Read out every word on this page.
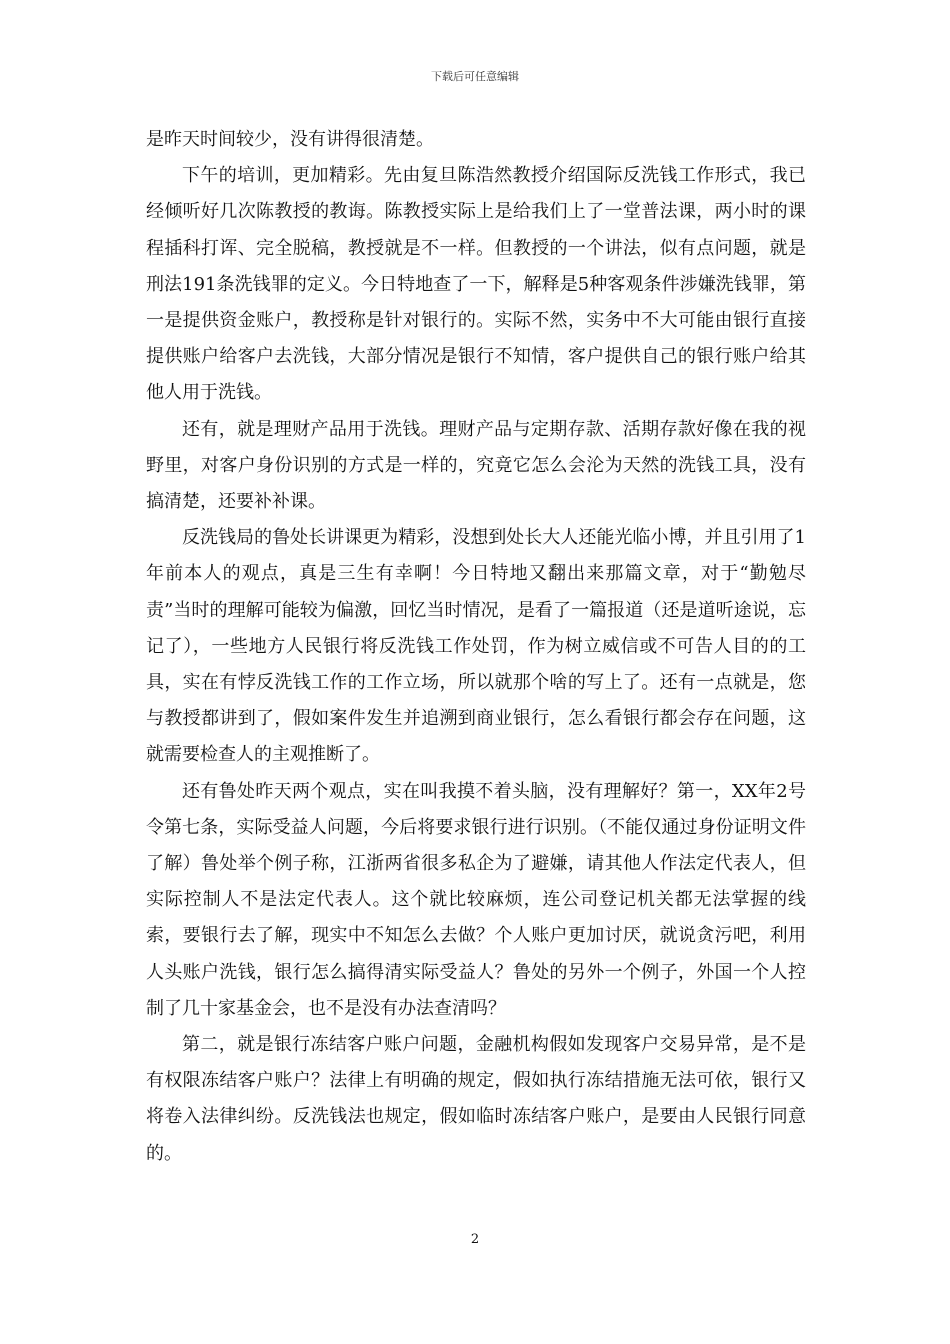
下载后可任意编辑

是昨天时间较少，没有讲得很清楚。

下午的培训，更加精彩。先由复旦陈浩然教授介绍国际反洗钱工作形式，我已经倾听好几次陈教授的教诲。陈教授实际上是给我们上了一堂普法课，两小时的课程插科打诨、完全脱稿，教授就是不一样。但教授的一个讲法，似有点问题，就是刑法191条洗钱罪的定义。今日特地查了一下，解释是5种客观条件涉嫌洗钱罪，第一是提供资金账户，教授称是针对银行的。实际不然，实务中不大可能由银行直接提供账户给客户去洗钱，大部分情况是银行不知情，客户提供自己的银行账户给其他人用于洗钱。

还有，就是理财产品用于洗钱。理财产品与定期存款、活期存款好像在我的视野里，对客户身份识别的方式是一样的，究竟它怎么会沦为天然的洗钱工具，没有搞清楚，还要补补课。

反洗钱局的鲁处长讲课更为精彩，没想到处长大人还能光临小博，并且引用了1年前本人的观点，真是三生有幸啊！今日特地又翻出来那篇文章，对于“勤勉尽责”当时的理解可能较为偏激，回忆当时情况，是看了一篇报道（还是道听途说，忘记了），一些地方人民银行将反洗钱工作处罚，作为树立威信或不可告人目的的工具，实在有悖反洗钱工作的工作立场，所以就那个啥的写上了。还有一点就是，您与教授都讲到了，假如案件发生并追溯到商业银行，怎么看银行都会存在问题，这就需要检查人的主观推断了。

还有鲁处昨天两个观点，实在叫我摸不着头脑，没有理解好？第一，XX年2号令第七条，实际受益人问题，今后将要求银行进行识别。（不能仅通过身份证明文件了解）鲁处举个例子称，江浙两省很多私企为了避嫌，请其他人作法定代表人，但实际控制人不是法定代表人。这个就比较麻烦，连公司登记机关都无法掌握的线索，要银行去了解，现实中不知怎么去做？个人账户更加讨厌，就说贪污吧，利用人头账户洗钱，银行怎么搞得清实际受益人？鲁处的另外一个例子，外国一个人控制了几十家基金会，也不是没有办法查清吗？

第二，就是银行冻结客户账户问题，金融机构假如发现客户交易异常，是不是有权限冻结客户账户？法律上有明确的规定，假如执行冻结措施无法可依，银行又将卷入法律纠纷。反洗钱法也规定，假如临时冻结客户账户，是要由人民银行同意的。

2
